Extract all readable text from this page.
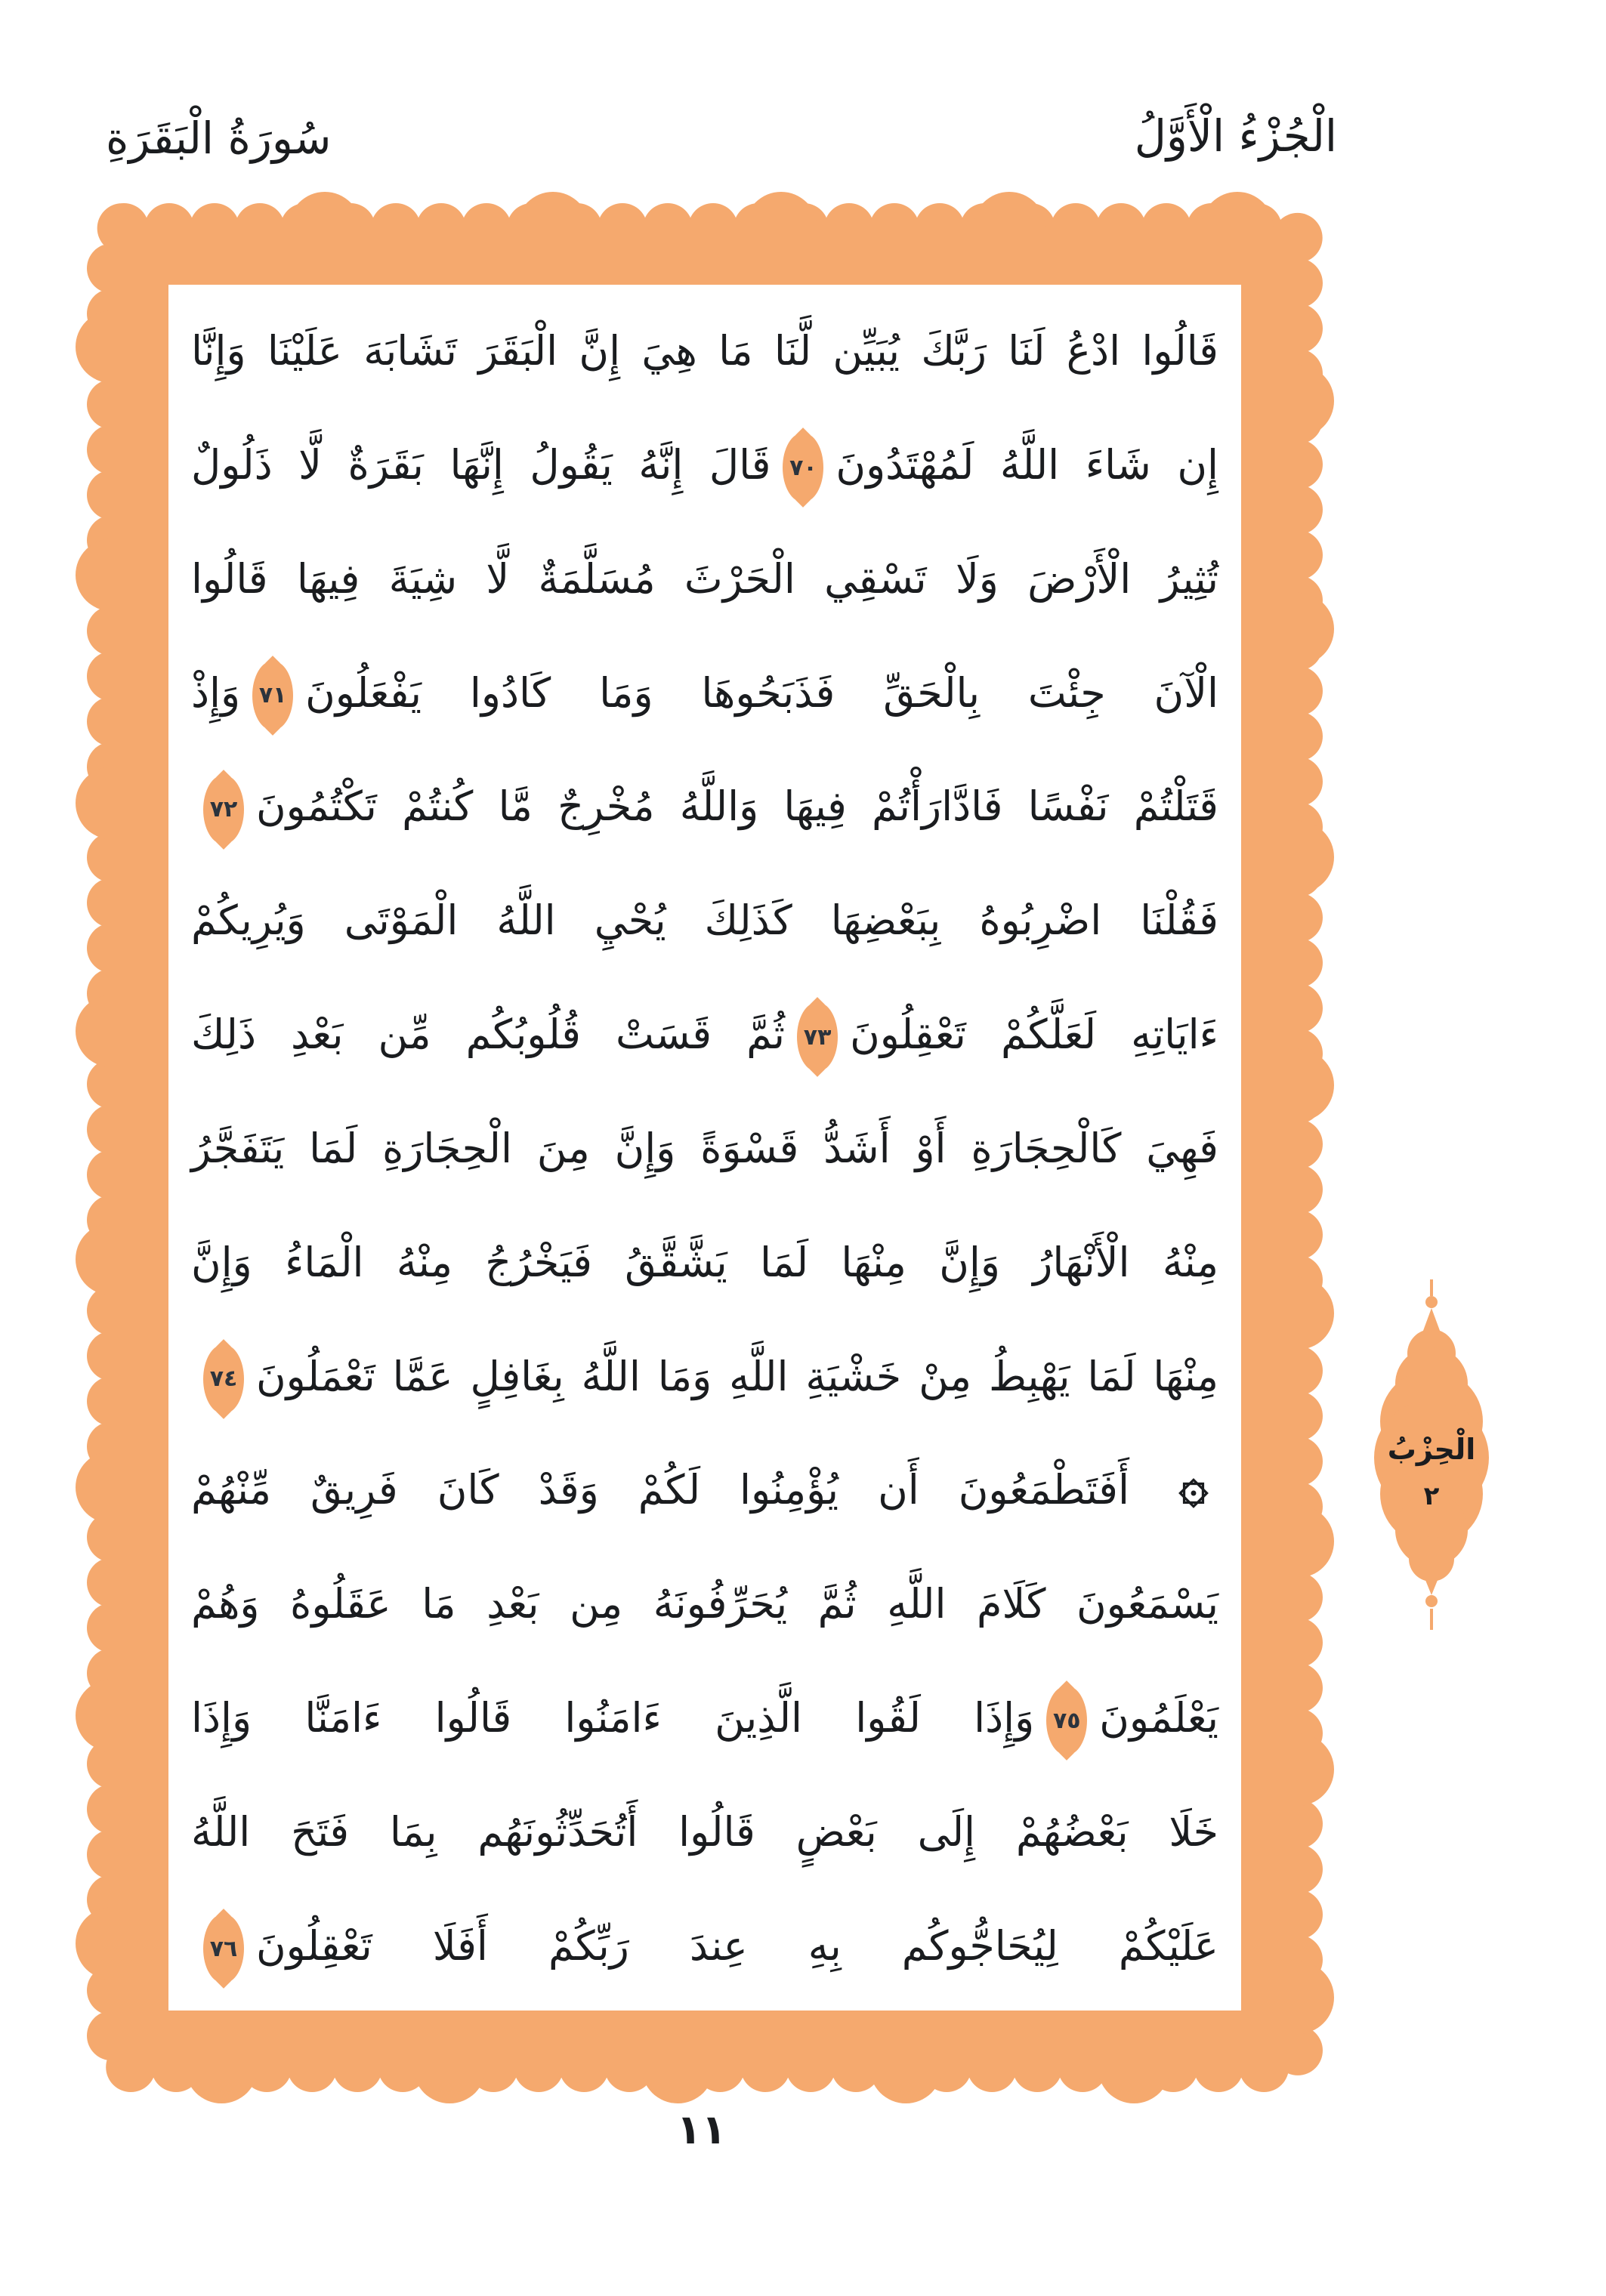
سُورَةُ الْبَقَرَةِ	الْجُزْءُ الْأَوَّلُ
قَالُوا ادْعُ لَنَا رَبَّكَ يُبَيِّن لَّنَا مَا هِيَ إِنَّ الْبَقَرَ تَشَابَهَ عَلَيْنَا وَإِنَّا
إِن شَاءَ اللَّهُ لَمُهْتَدُونَ
٧٠
قَالَ إِنَّهُ يَقُولُ إِنَّهَا بَقَرَةٌ لَّا ذَلُولٌ
تُثِيرُ الْأَرْضَ وَلَا تَسْقِي الْحَرْثَ مُسَلَّمَةٌ لَّا شِيَةَ فِيهَا قَالُوا
الْآنَ جِئْتَ بِالْحَقِّ فَذَبَحُوهَا وَمَا كَادُوا يَفْعَلُونَ
٧١
وَإِذْ
قَتَلْتُمْ نَفْسًا فَادَّارَأْتُمْ فِيهَا وَاللَّهُ مُخْرِجٌ مَّا كُنتُمْ تَكْتُمُونَ
٧٢
فَقُلْنَا اضْرِبُوهُ بِبَعْضِهَا كَذَلِكَ يُحْيِ اللَّهُ الْمَوْتَى وَيُرِيكُمْ
ءَايَاتِهِ لَعَلَّكُمْ تَعْقِلُونَ
٧٣
ثُمَّ قَسَتْ قُلُوبُكُم مِّن بَعْدِ ذَلِكَ
فَهِيَ كَالْحِجَارَةِ أَوْ أَشَدُّ قَسْوَةً وَإِنَّ مِنَ الْحِجَارَةِ لَمَا يَتَفَجَّرُ
مِنْهُ الْأَنْهَارُ وَإِنَّ مِنْهَا لَمَا يَشَّقَّقُ فَيَخْرُجُ مِنْهُ الْمَاءُ وَإِنَّ
مِنْهَا لَمَا يَهْبِطُ مِنْ خَشْيَةِ اللَّهِ وَمَا اللَّهُ بِغَافِلٍ عَمَّا تَعْمَلُونَ
٧٤
أَفَتَطْمَعُونَ أَن يُؤْمِنُوا لَكُمْ وَقَدْ كَانَ فَرِيقٌ مِّنْهُمْ
يَسْمَعُونَ كَلَامَ اللَّهِ ثُمَّ يُحَرِّفُونَهُ مِن بَعْدِ مَا عَقَلُوهُ وَهُمْ
يَعْلَمُونَ
٧٥
وَإِذَا لَقُوا الَّذِينَ ءَامَنُوا قَالُوا ءَامَنَّا وَإِذَا
خَلَا بَعْضُهُمْ إِلَى بَعْضٍ قَالُوا أَتُحَدِّثُونَهُم بِمَا فَتَحَ اللَّهُ
عَلَيْكُمْ لِيُحَاجُّوكُم بِهِ عِندَ رَبِّكُمْ أَفَلَا تَعْقِلُونَ
٧٦
الْحِزْبُ
٢
١١
